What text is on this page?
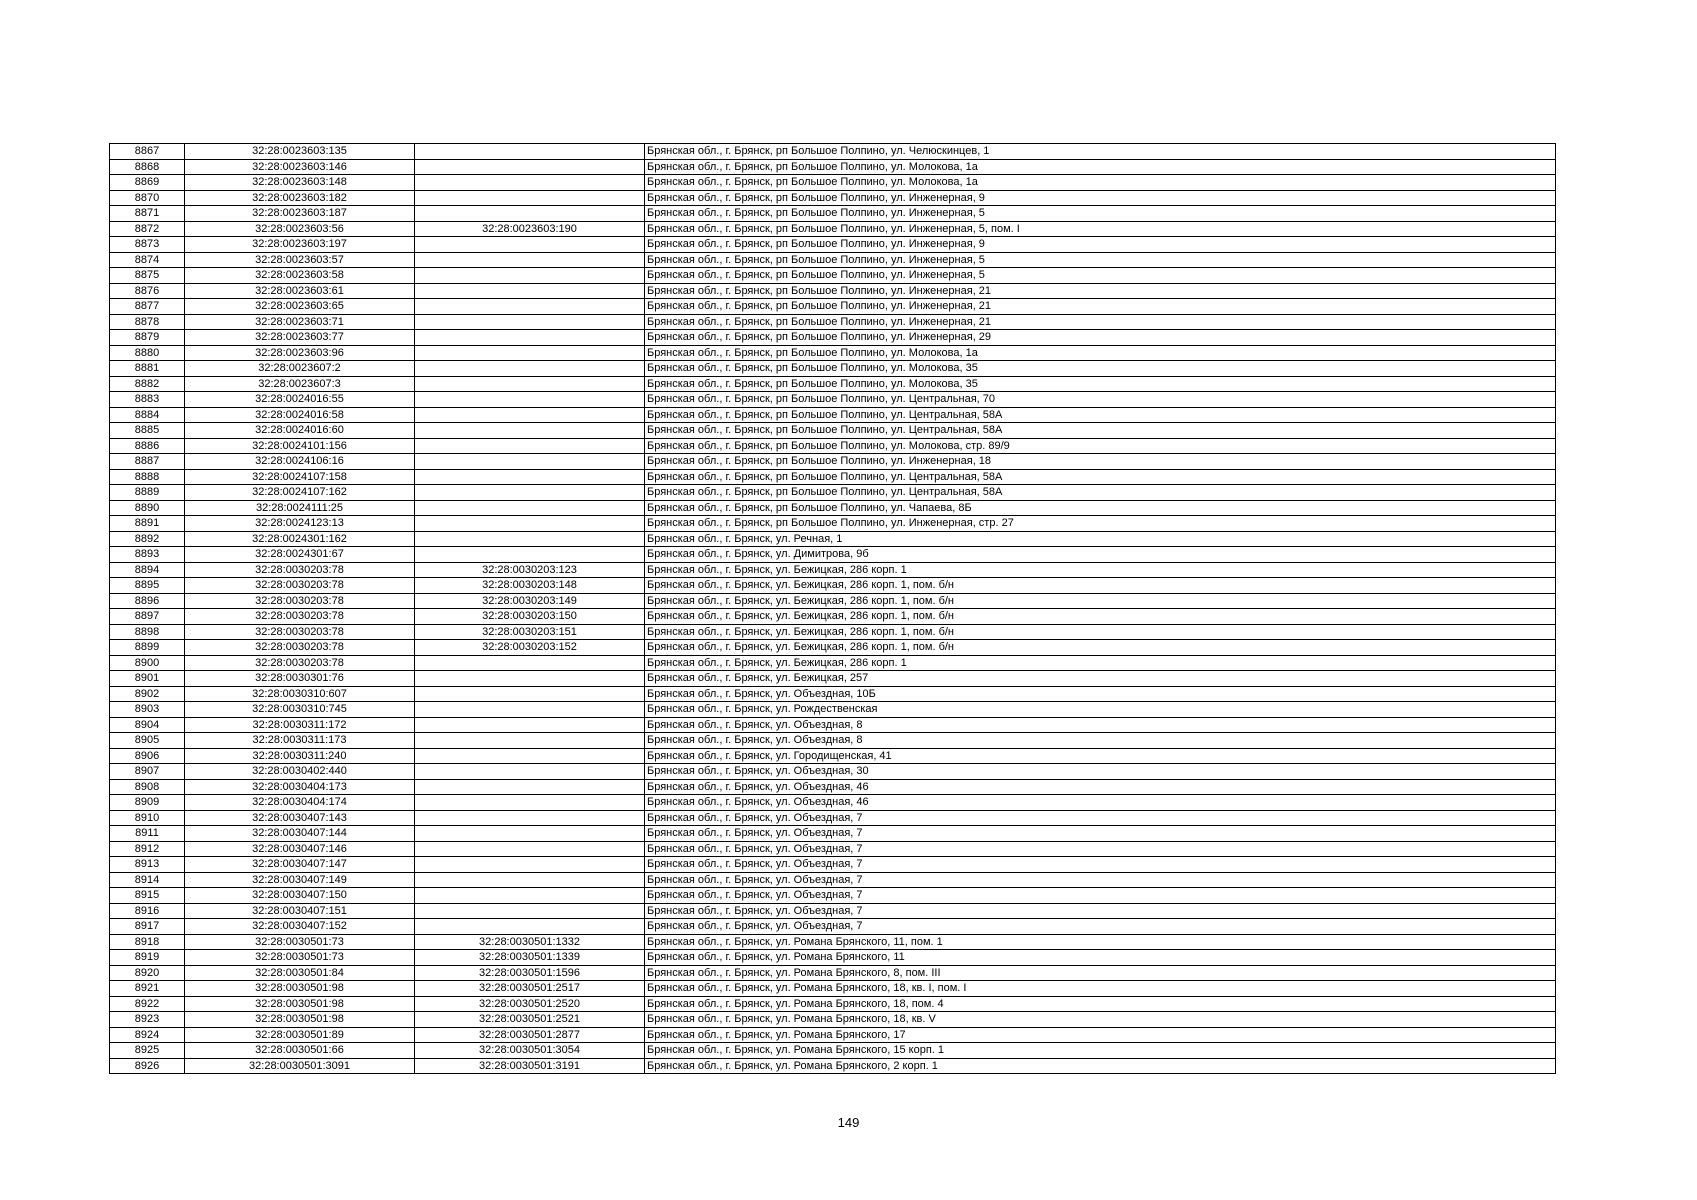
8867	32:28:0023603:135		Брянская обл., г. Брянск, рп Большое Полпино, ул. Челюскинцев, 1
8868	32:28:0023603:146		Брянская обл., г. Брянск, рп Большое Полпино, ул. Молокова, 1а
8869	32:28:0023603:148		Брянская обл., г. Брянск, рп Большое Полпино, ул. Молокова, 1а
8870	32:28:0023603:182		Брянская обл., г. Брянск, рп Большое Полпино, ул. Инженерная, 9
8871	32:28:0023603:187		Брянская обл., г. Брянск, рп Большое Полпино, ул. Инженерная, 5
8872	32:28:0023603:56	32:28:0023603:190	Брянская обл., г. Брянск, рп Большое Полпино, ул. Инженерная, 5, пом. I
8873	32:28:0023603:197		Брянская обл., г. Брянск, рп Большое Полпино, ул. Инженерная, 9
8874	32:28:0023603:57		Брянская обл., г. Брянск, рп Большое Полпино, ул. Инженерная, 5
8875	32:28:0023603:58		Брянская обл., г. Брянск, рп Большое Полпино, ул. Инженерная, 5
8876	32:28:0023603:61		Брянская обл., г. Брянск, рп Большое Полпино, ул. Инженерная, 21
8877	32:28:0023603:65		Брянская обл., г. Брянск, рп Большое Полпино, ул. Инженерная, 21
8878	32:28:0023603:71		Брянская обл., г. Брянск, рп Большое Полпино, ул. Инженерная, 21
8879	32:28:0023603:77		Брянская обл., г. Брянск, рп Большое Полпино, ул. Инженерная, 29
8880	32:28:0023603:96		Брянская обл., г. Брянск, рп Большое Полпино, ул. Молокова, 1а
8881	32:28:0023607:2		Брянская обл., г. Брянск, рп Большое Полпино, ул. Молокова, 35
8882	32:28:0023607:3		Брянская обл., г. Брянск, рп Большое Полпино, ул. Молокова, 35
8883	32:28:0024016:55		Брянская обл., г. Брянск, рп Большое Полпино, ул. Центральная, 70
8884	32:28:0024016:58		Брянская обл., г. Брянск, рп Большое Полпино, ул. Центральная, 58А
8885	32:28:0024016:60		Брянская обл., г. Брянск, рп Большое Полпино, ул. Центральная, 58А
8886	32:28:0024101:156		Брянская обл., г. Брянск, рп Большое Полпино, ул. Молокова, стр. 89/9
8887	32:28:0024106:16		Брянская обл., г. Брянск, рп Большое Полпино, ул. Инженерная, 18
8888	32:28:0024107:158		Брянская обл., г. Брянск, рп Большое Полпино, ул. Центральная, 58А
8889	32:28:0024107:162		Брянская обл., г. Брянск, рп Большое Полпино, ул. Центральная, 58А
8890	32:28:0024111:25		Брянская обл., г. Брянск, рп Большое Полпино, ул. Чапаева, 8Б
8891	32:28:0024123:13		Брянская обл., г. Брянск, рп Большое Полпино, ул. Инженерная, стр. 27
8892	32:28:0024301:162		Брянская обл., г. Брянск, ул. Речная, 1
8893	32:28:0024301:67		Брянская обл., г. Брянск, ул. Димитрова, 9б
8894	32:28:0030203:78	32:28:0030203:123	Брянская обл., г. Брянск, ул. Бежицкая, 286 корп. 1
8895	32:28:0030203:78	32:28:0030203:148	Брянская обл., г. Брянск, ул. Бежицкая, 286 корп. 1, пом. б/н
8896	32:28:0030203:78	32:28:0030203:149	Брянская обл., г. Брянск, ул. Бежицкая, 286 корп. 1, пом. б/н
8897	32:28:0030203:78	32:28:0030203:150	Брянская обл., г. Брянск, ул. Бежицкая, 286 корп. 1, пом. б/н
8898	32:28:0030203:78	32:28:0030203:151	Брянская обл., г. Брянск, ул. Бежицкая, 286 корп. 1, пом. б/н
8899	32:28:0030203:78	32:28:0030203:152	Брянская обл., г. Брянск, ул. Бежицкая, 286 корп. 1, пом. б/н
8900	32:28:0030203:78		Брянская обл., г. Брянск, ул. Бежицкая, 286 корп. 1
8901	32:28:0030301:76		Брянская обл., г. Брянск, ул. Бежицкая, 257
8902	32:28:0030310:607		Брянская обл., г. Брянск, ул. Объездная, 10Б
8903	32:28:0030310:745		Брянская обл., г. Брянск, ул. Рождественская
8904	32:28:0030311:172		Брянская обл., г. Брянск, ул. Объездная, 8
8905	32:28:0030311:173		Брянская обл., г. Брянск, ул. Объездная, 8
8906	32:28:0030311:240		Брянская обл., г. Брянск, ул. Городищенская, 41
8907	32:28:0030402:440		Брянская обл., г. Брянск, ул. Объездная, 30
8908	32:28:0030404:173		Брянская обл., г. Брянск, ул. Объездная, 46
8909	32:28:0030404:174		Брянская обл., г. Брянск, ул. Объездная, 46
8910	32:28:0030407:143		Брянская обл., г. Брянск, ул. Объездная, 7
8911	32:28:0030407:144		Брянская обл., г. Брянск, ул. Объездная, 7
8912	32:28:0030407:146		Брянская обл., г. Брянск, ул. Объездная, 7
8913	32:28:0030407:147		Брянская обл., г. Брянск, ул. Объездная, 7
8914	32:28:0030407:149		Брянская обл., г. Брянск, ул. Объездная, 7
8915	32:28:0030407:150		Брянская обл., г. Брянск, ул. Объездная, 7
8916	32:28:0030407:151		Брянская обл., г. Брянск, ул. Объездная, 7
8917	32:28:0030407:152		Брянская обл., г. Брянск, ул. Объездная, 7
8918	32:28:0030501:73	32:28:0030501:1332	Брянская обл., г. Брянск, ул. Романа Брянского, 11, пом. 1
8919	32:28:0030501:73	32:28:0030501:1339	Брянская обл., г. Брянск, ул. Романа Брянского, 11
8920	32:28:0030501:84	32:28:0030501:1596	Брянская обл., г. Брянск, ул. Романа Брянского, 8, пом. III
8921	32:28:0030501:98	32:28:0030501:2517	Брянская обл., г. Брянск, ул. Романа Брянского, 18, кв. I, пом. I
8922	32:28:0030501:98	32:28:0030501:2520	Брянская обл., г. Брянск, ул. Романа Брянского, 18, пом. 4
8923	32:28:0030501:98	32:28:0030501:2521	Брянская обл., г. Брянск, ул. Романа Брянского, 18, кв. V
8924	32:28:0030501:89	32:28:0030501:2877	Брянская обл., г. Брянск, ул. Романа Брянского, 17
8925	32:28:0030501:66	32:28:0030501:3054	Брянская обл., г. Брянск, ул. Романа Брянского, 15 корп. 1
8926	32:28:0030501:3091	32:28:0030501:3191	Брянская обл., г. Брянск, ул. Романа Брянского, 2 корп. 1
149
